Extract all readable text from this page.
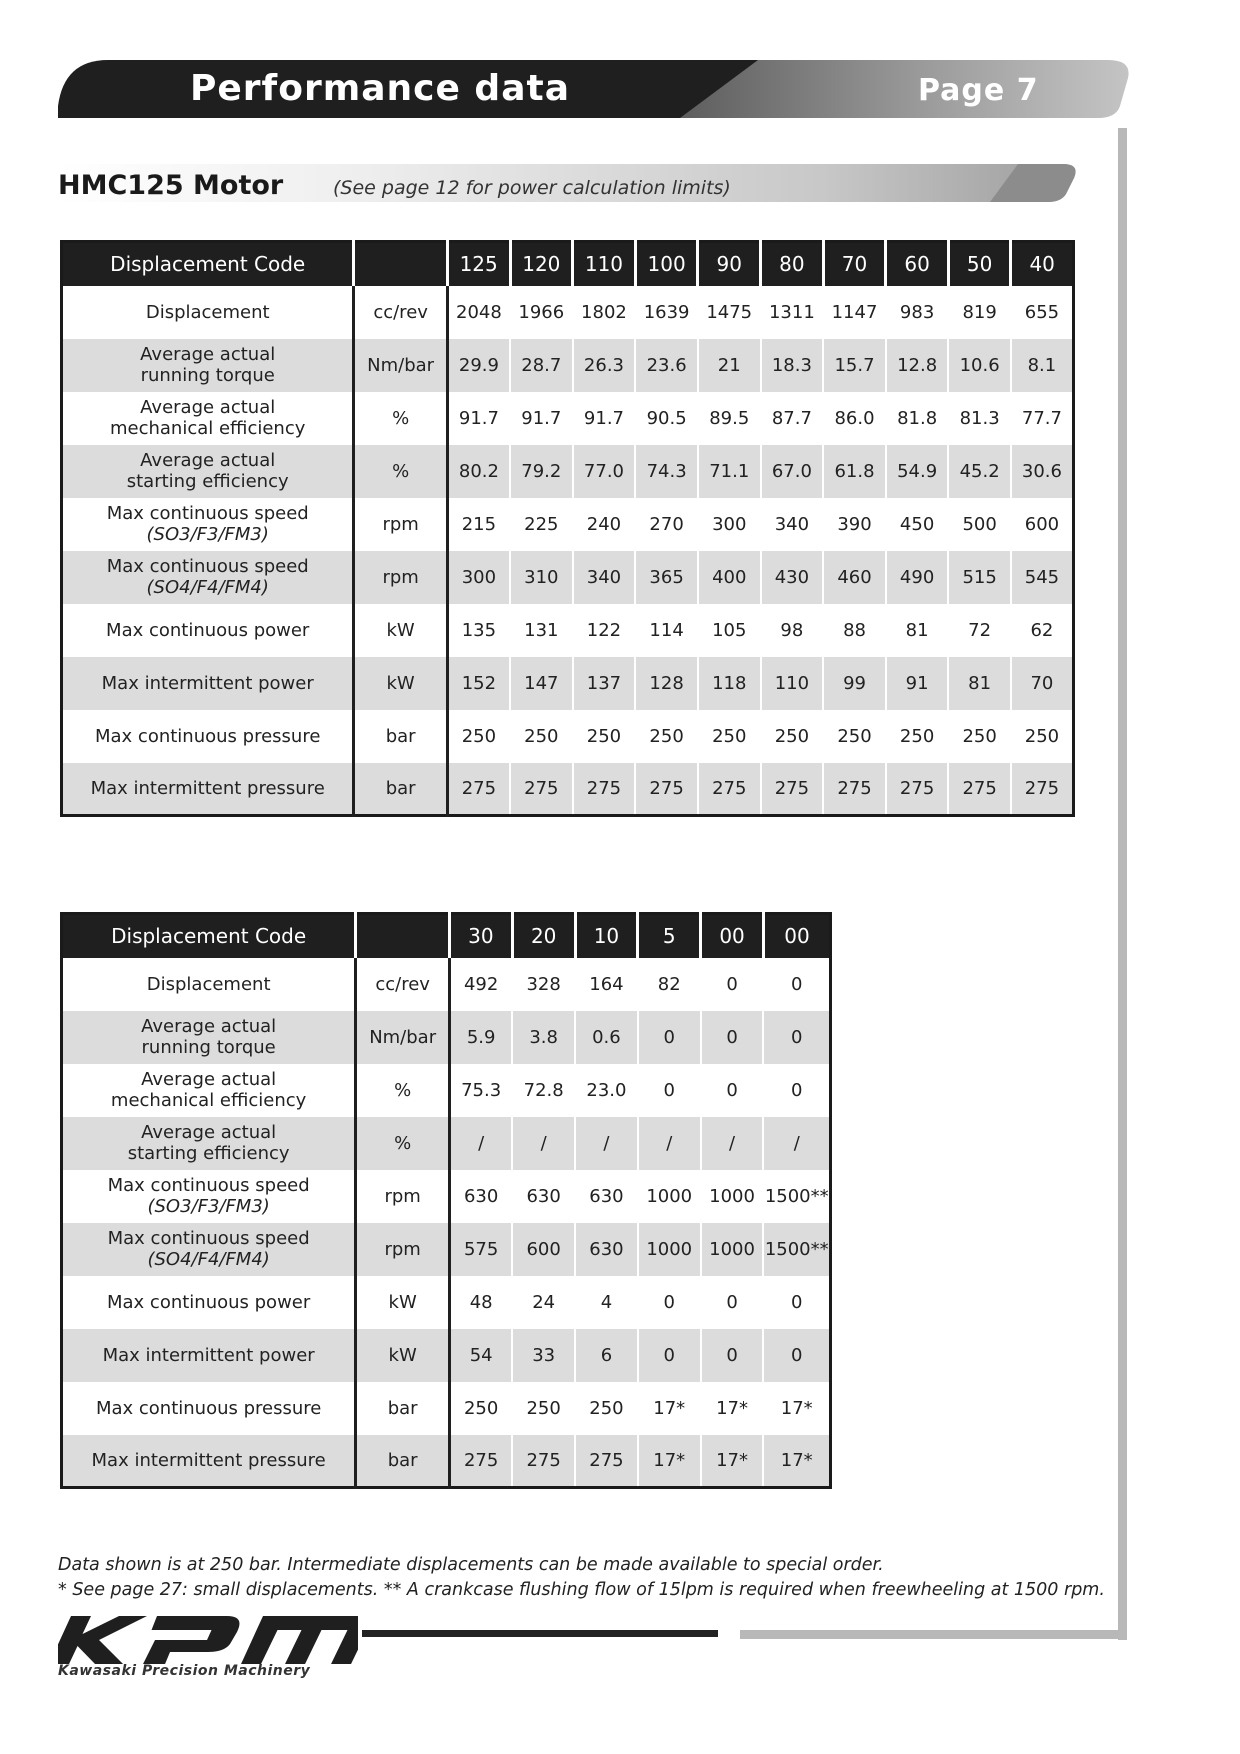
Performance data	Page 7
HMC125 Motor	(See page 12 for power calculation limits)
Displacement Code		125	120	110	100	90	80	70	60	50	40

Displacement	cc/rev	2048	1966	1802	1639	1475	1311	1147	983	819	655

Average actual
running torque	Nm/bar	29.9	28.7	26.3	23.6	21	18.3	15.7	12.8	10.6	8.1

Average actual
mechanical efficiency	%	91.7	91.7	91.7	90.5	89.5	87.7	86.0	81.8	81.3	77.7

Average actual
starting efficiency	%	80.2	79.2	77.0	74.3	71.1	67.0	61.8	54.9	45.2	30.6

Max continuous speed
(SO3/F3/FM3)	rpm	215	225	240	270	300	340	390	450	500	600

Max continuous speed
(SO4/F4/FM4)	rpm	300	310	340	365	400	430	460	490	515	545

Max continuous power	kW	135	131	122	114	105	98	88	81	72	62

Max intermittent power	kW	152	147	137	128	118	110	99	91	81	70

Max continuous pressure	bar	250	250	250	250	250	250	250	250	250	250

Max intermittent pressure	bar	275	275	275	275	275	275	275	275	275	275
Displacement Code		30	20	10	5	00	00

Displacement	cc/rev	492	328	164	82	0	0

Average actual
running torque	Nm/bar	5.9	3.8	0.6	0	0	0

Average actual
mechanical efficiency	%	75.3	72.8	23.0	0	0	0

Average actual
starting efficiency	%	/	/	/	/	/	/

Max continuous speed
(SO3/F3/FM3)	rpm	630	630	630	1000	1000	1500**

Max continuous speed
(SO4/F4/FM4)	rpm	575	600	630	1000	1000	1500**

Max continuous power	kW	48	24	4	0	0	0

Max intermittent power	kW	54	33	6	0	0	0

Max continuous pressure	bar	250	250	250	17*	17*	17*

Max intermittent pressure	bar	275	275	275	17*	17*	17*
Data shown is at 250 bar. Intermediate displacements can be made available to special order.
* See page 27: small displacements. ** A crankcase flushing flow of 15lpm is required when freewheeling at 1500 rpm.
Kawasaki Precision Machinery
